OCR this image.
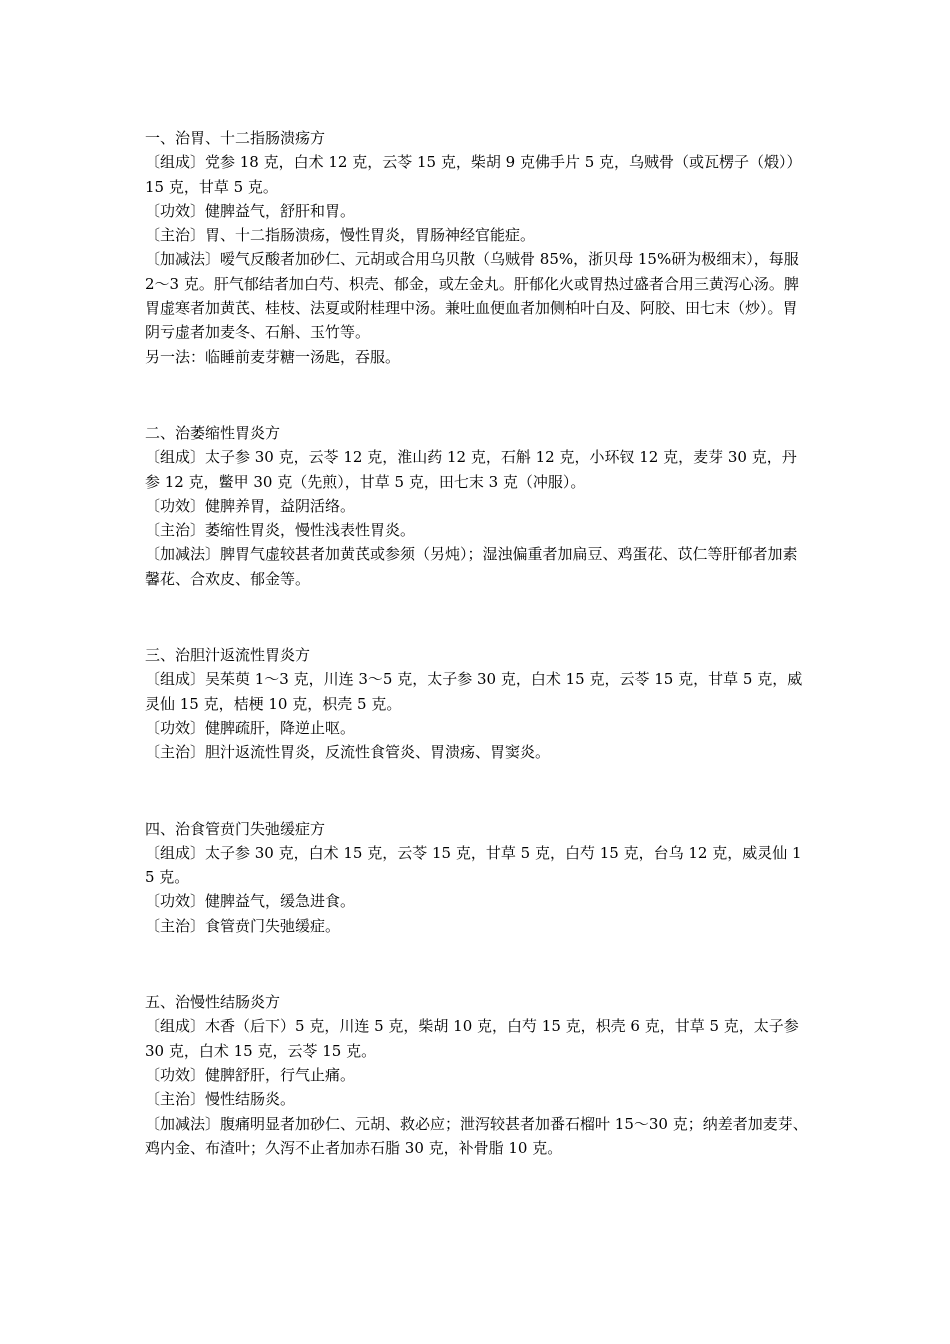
一、治胃、十二指肠溃疡方

〔组成〕党参 18 克，白术 12 克，云苓 15 克，柴胡 9 克佛手片 5 克，乌贼骨（或瓦楞子（煅））15 克，甘草 5 克。

〔功效〕健脾益气，舒肝和胃。

〔主治〕胃、十二指肠溃疡，慢性胃炎，胃肠神经官能症。

〔加减法〕嗳气反酸者加砂仁、元胡或合用乌贝散（乌贼骨 85%，浙贝母 15%研为极细末），每服 2～3 克。肝气郁结者加白芍、枳壳、郁金，或左金丸。肝郁化火或胃热过盛者合用三黄泻心汤。脾胃虚寒者加黄芪、桂枝、法夏或附桂理中汤。兼吐血便血者加侧柏叶白及、阿胶、田七末（炒）。胃阴亏虚者加麦冬、石斛、玉竹等。

另一法：临睡前麦芽糖一汤匙，吞服。

二、治萎缩性胃炎方

〔组成〕太子参 30 克，云苓 12 克，淮山药 12 克，石斛 12 克，小环钗 12 克，麦芽 30 克，丹参 12 克，鳖甲 30 克（先煎），甘草 5 克，田七末 3 克（冲服）。

〔功效〕健脾养胃，益阴活络。

〔主治〕萎缩性胃炎，慢性浅表性胃炎。

〔加减法〕脾胃气虚较甚者加黄芪或参须（另炖）；湿浊偏重者加扁豆、鸡蛋花、苡仁等肝郁者加素馨花、合欢皮、郁金等。

三、治胆汁返流性胃炎方

〔组成〕吴茱萸 1～3 克，川连 3～5 克，太子参 30 克，白术 15 克，云苓 15 克，甘草 5 克，威灵仙 15 克，桔梗 10 克，枳壳 5 克。

〔功效〕健脾疏肝，降逆止呕。

〔主治〕胆汁返流性胃炎，反流性食管炎、胃溃疡、胃窦炎。

四、治食管贲门失弛缓症方

〔组成〕太子参 30 克，白术 15 克，云苓 15 克，甘草 5 克，白芍 15 克，台乌 12 克，威灵仙 15 克。

〔功效〕健脾益气，缓急进食。

〔主治〕食管贲门失弛缓症。

五、治慢性结肠炎方

〔组成〕木香（后下）5 克，川连 5 克，柴胡 10 克，白芍 15 克，枳壳 6 克，甘草 5 克，太子参 30 克，白术 15 克，云苓 15 克。

〔功效〕健脾舒肝，行气止痛。

〔主治〕慢性结肠炎。

〔加减法〕腹痛明显者加砂仁、元胡、救必应；泄泻较甚者加番石榴叶 15～30 克；纳差者加麦芽、鸡内金、布渣叶；久泻不止者加赤石脂 30 克，补骨脂 10 克。
